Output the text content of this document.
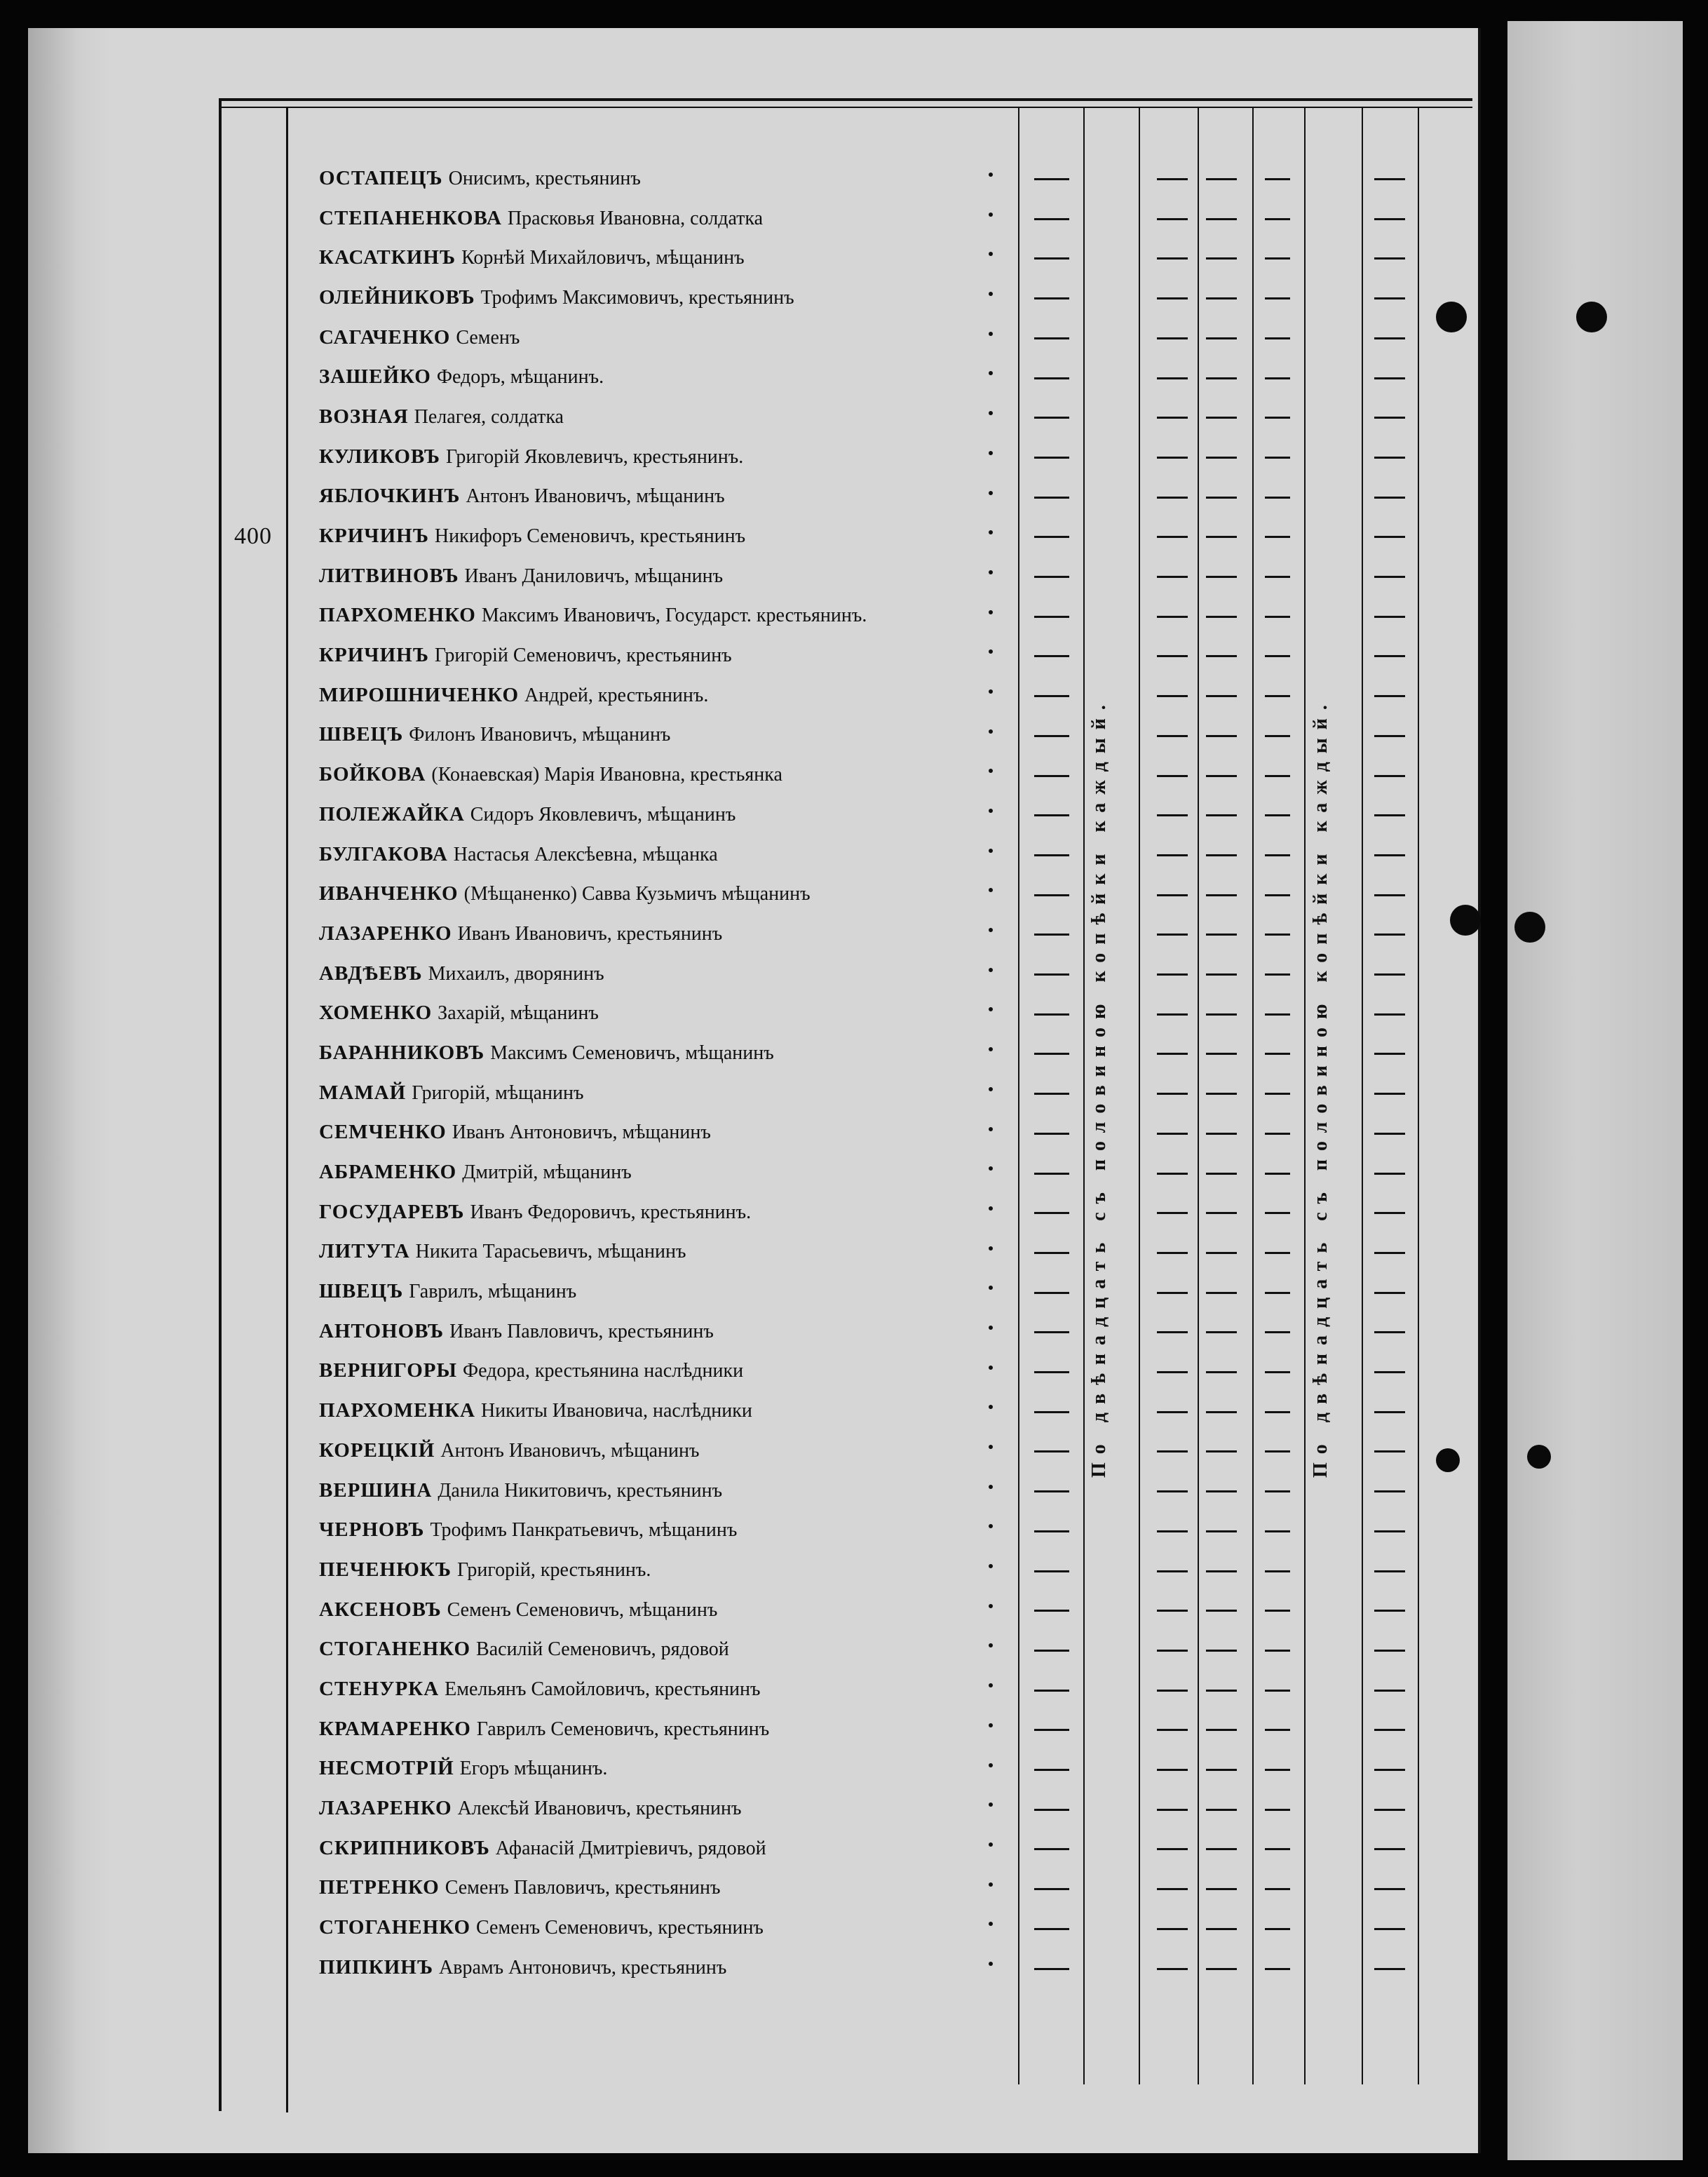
400
ОСТАПЕЦЪ Онисимъ, крестьянинъ
СТЕПАНЕНКОВА Прасковья Ивановна, солдатка
КАСАТКИНЪ Корнѣй Михайловичъ, мѣщанинъ
ОЛЕЙНИКОВЪ Трофимъ Максимовичъ, крестьянинъ
САГАЧЕНКО Семенъ
ЗАШЕЙКО Федоръ, мѣщанинъ.
ВОЗНАЯ Пелагея, солдатка
КУЛИКОВЪ Григорій Яковлевичъ, крестьянинъ.
ЯБЛОЧКИНЪ Антонъ Ивановичъ, мѣщанинъ
КРИЧИНЪ Никифоръ Семеновичъ, крестьянинъ
ЛИТВИНОВЪ Иванъ Даниловичъ, мѣщанинъ
ПАРХОМЕНКО Максимъ Ивановичъ, Государст. крестьянинъ.
КРИЧИНЪ Григорій Семеновичъ, крестьянинъ
МИРОШНИЧЕНКО Андрей, крестьянинъ.
ШВЕЦЪ Филонъ Ивановичъ, мѣщанинъ
БОЙКОВА (Конаевская) Марія Ивановна, крестьянка
ПОЛЕЖАЙКА Сидоръ Яковлевичъ, мѣщанинъ
БУЛГАКОВА Настасья Алексѣевна, мѣщанка
ИВАНЧЕНКО (Мѣщаненко) Савва Кузьмичъ мѣщанинъ
ЛАЗАРЕНКО Иванъ Ивановичъ, крестьянинъ
АВДѢЕВЪ Михаилъ, дворянинъ
ХОМЕНКО Захарій, мѣщанинъ
БАРАННИКОВЪ Максимъ Семеновичъ, мѣщанинъ
МАМАЙ Григорій, мѣщанинъ
СЕМЧЕНКО Иванъ Антоновичъ, мѣщанинъ
АБРАМЕНКО Дмитрій, мѣщанинъ
ГОСУДАРЕВЪ Иванъ Федоровичъ, крестьянинъ.
ЛИТУТА Никита Тарасьевичъ, мѣщанинъ
ШВЕЦЪ Гаврилъ, мѣщанинъ
АНТОНОВЪ Иванъ Павловичъ, крестьянинъ
ВЕРНИГОРЫ Федора, крестьянина наслѣдники
ПАРХОМЕНКА Никиты Ивановича, наслѣдники
КОРЕЦКІЙ Антонъ Ивановичъ, мѣщанинъ
ВЕРШИНА Данила Никитовичъ, крестьянинъ
ЧЕРНОВЪ Трофимъ Панкратьевичъ, мѣщанинъ
ПЕЧЕНЮКЪ Григорій, крестьянинъ.
АКСЕНОВЪ Семенъ Семеновичъ, мѣщанинъ
СТОГАНЕНКО Василій Семеновичъ, рядовой
СТЕНУРКА Емельянъ Самойловичъ, крестьянинъ
КРАМАРЕНКО Гаврилъ Семеновичъ, крестьянинъ
НЕСМОТРІЙ Егоръ мѣщанинъ.
ЛАЗАРЕНКО Алексѣй Ивановичъ, крестьянинъ
СКРИПНИКОВЪ Афанасій Дмитріевичъ, рядовой
ПЕТРЕНКО Семенъ Павловичъ, крестьянинъ
СТОГАНЕНКО Семенъ Семеновичъ, крестьянинъ
ПИПКИНЪ Аврамъ Антоновичъ, крестьянинъ
По двѣнадцать съ половиною копѣйки каждый.	По двѣнадцать съ половиною копѣйки каждый.
